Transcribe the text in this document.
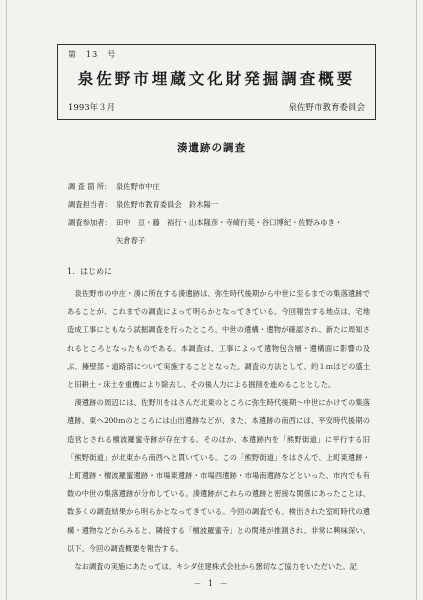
第　13　号
泉佐野市埋蔵文化財発掘調査概要
1993年３月	泉佐野市教育委員会
湊遺跡の調査
調 査 箇 所： 泉佐野市中庄
調査担当者： 泉佐野市教育委員会　鈴木陽一
調査参加者： 田中　亘・藤　裕行・山本隆彦・寺崎行英・谷口博紀・佐野みゆき・
矢倉春子
1．はじめに

泉佐野市の中庄・湊に所在する湊遺跡は、弥生時代後期から中世に至るまでの集落遺跡であることが、これまでの調査によって明らかとなってきている。今回報告する地点は、宅地造成工事にともなう試掘調査を行ったところ、中世の遺構・遺物が確認され、新たに周知されるところとなったものである。本調査は、工事によって遺物包含層・遺構面に影響の及ぶ、擁壁部・道路部について実施することとなった。調査の方法として、約１ｍほどの盛土と旧耕土・床土を重機により除去し、その後人力による掘削を進めることとした。

湊遺跡の周辺には、佐野川をはさんだ北東のところに弥生時代後期～中世にかけての集落遺跡、東へ200ｍのところには山出遺跡などが、また、本遺跡の南西には、平安時代後期の造営とされる檀波羅蜜寺跡が存在する。そのほか、本遺跡内を「熊野街道」に平行する旧「熊野街道」が北東から南西へと貫いている。この「熊野街道」をはさんで、上町東遺跡・上町遺跡・檀波羅蜜遺跡・市場東遺跡・市場西遺跡・市場南遺跡などといった、市内でも有数の中世の集落遺跡が分布している。湊遺跡がこれらの遺跡と密接な関係にあったことは、数多くの調査結果から明らかとなってきている。今回の調査でも、検出された室町時代の遺構・遺物などからみると、隣接する「檀波羅蜜寺」との関連が推測され、非常に興味深い。以下、今回の調査概要を報告する。

なお調査の実施にあたっては、キシダ住建株式会社から懇切なご協力をいただいた。記

－ 1 －
